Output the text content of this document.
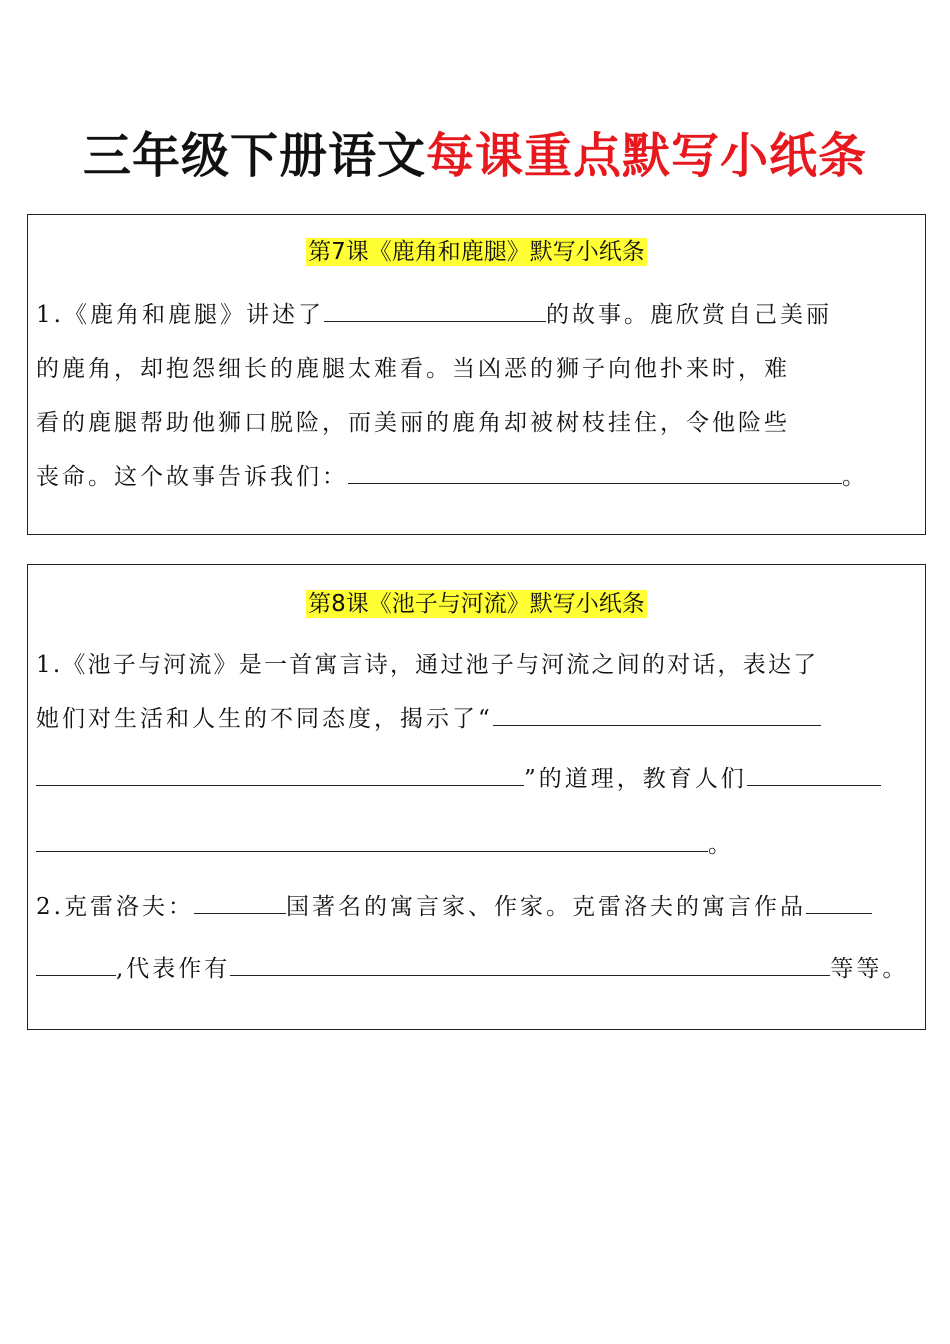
三年级下册语文每课重点默写小纸条
第7课《鹿角和鹿腿》默写小纸条
1.《鹿角和鹿腿》讲述了	的故事。鹿欣赏自己美丽
的鹿角，却抱怨细长的鹿腿太难看。当凶恶的狮子向他扑来时，难
看的鹿腿帮助他狮口脱险，而美丽的鹿角却被树枝挂住，令他险些
丧命。这个故事告诉我们：	。
第8课《池子与河流》默写小纸条
1.《池子与河流》是一首寓言诗，通过池子与河流之间的对话，表达了
她们对生活和人生的不同态度，揭示了“
”的道理，教育人们
。
2.克雷洛夫：	国著名的寓言家、作家。克雷洛夫的寓言作品
,代表作有	等等。
